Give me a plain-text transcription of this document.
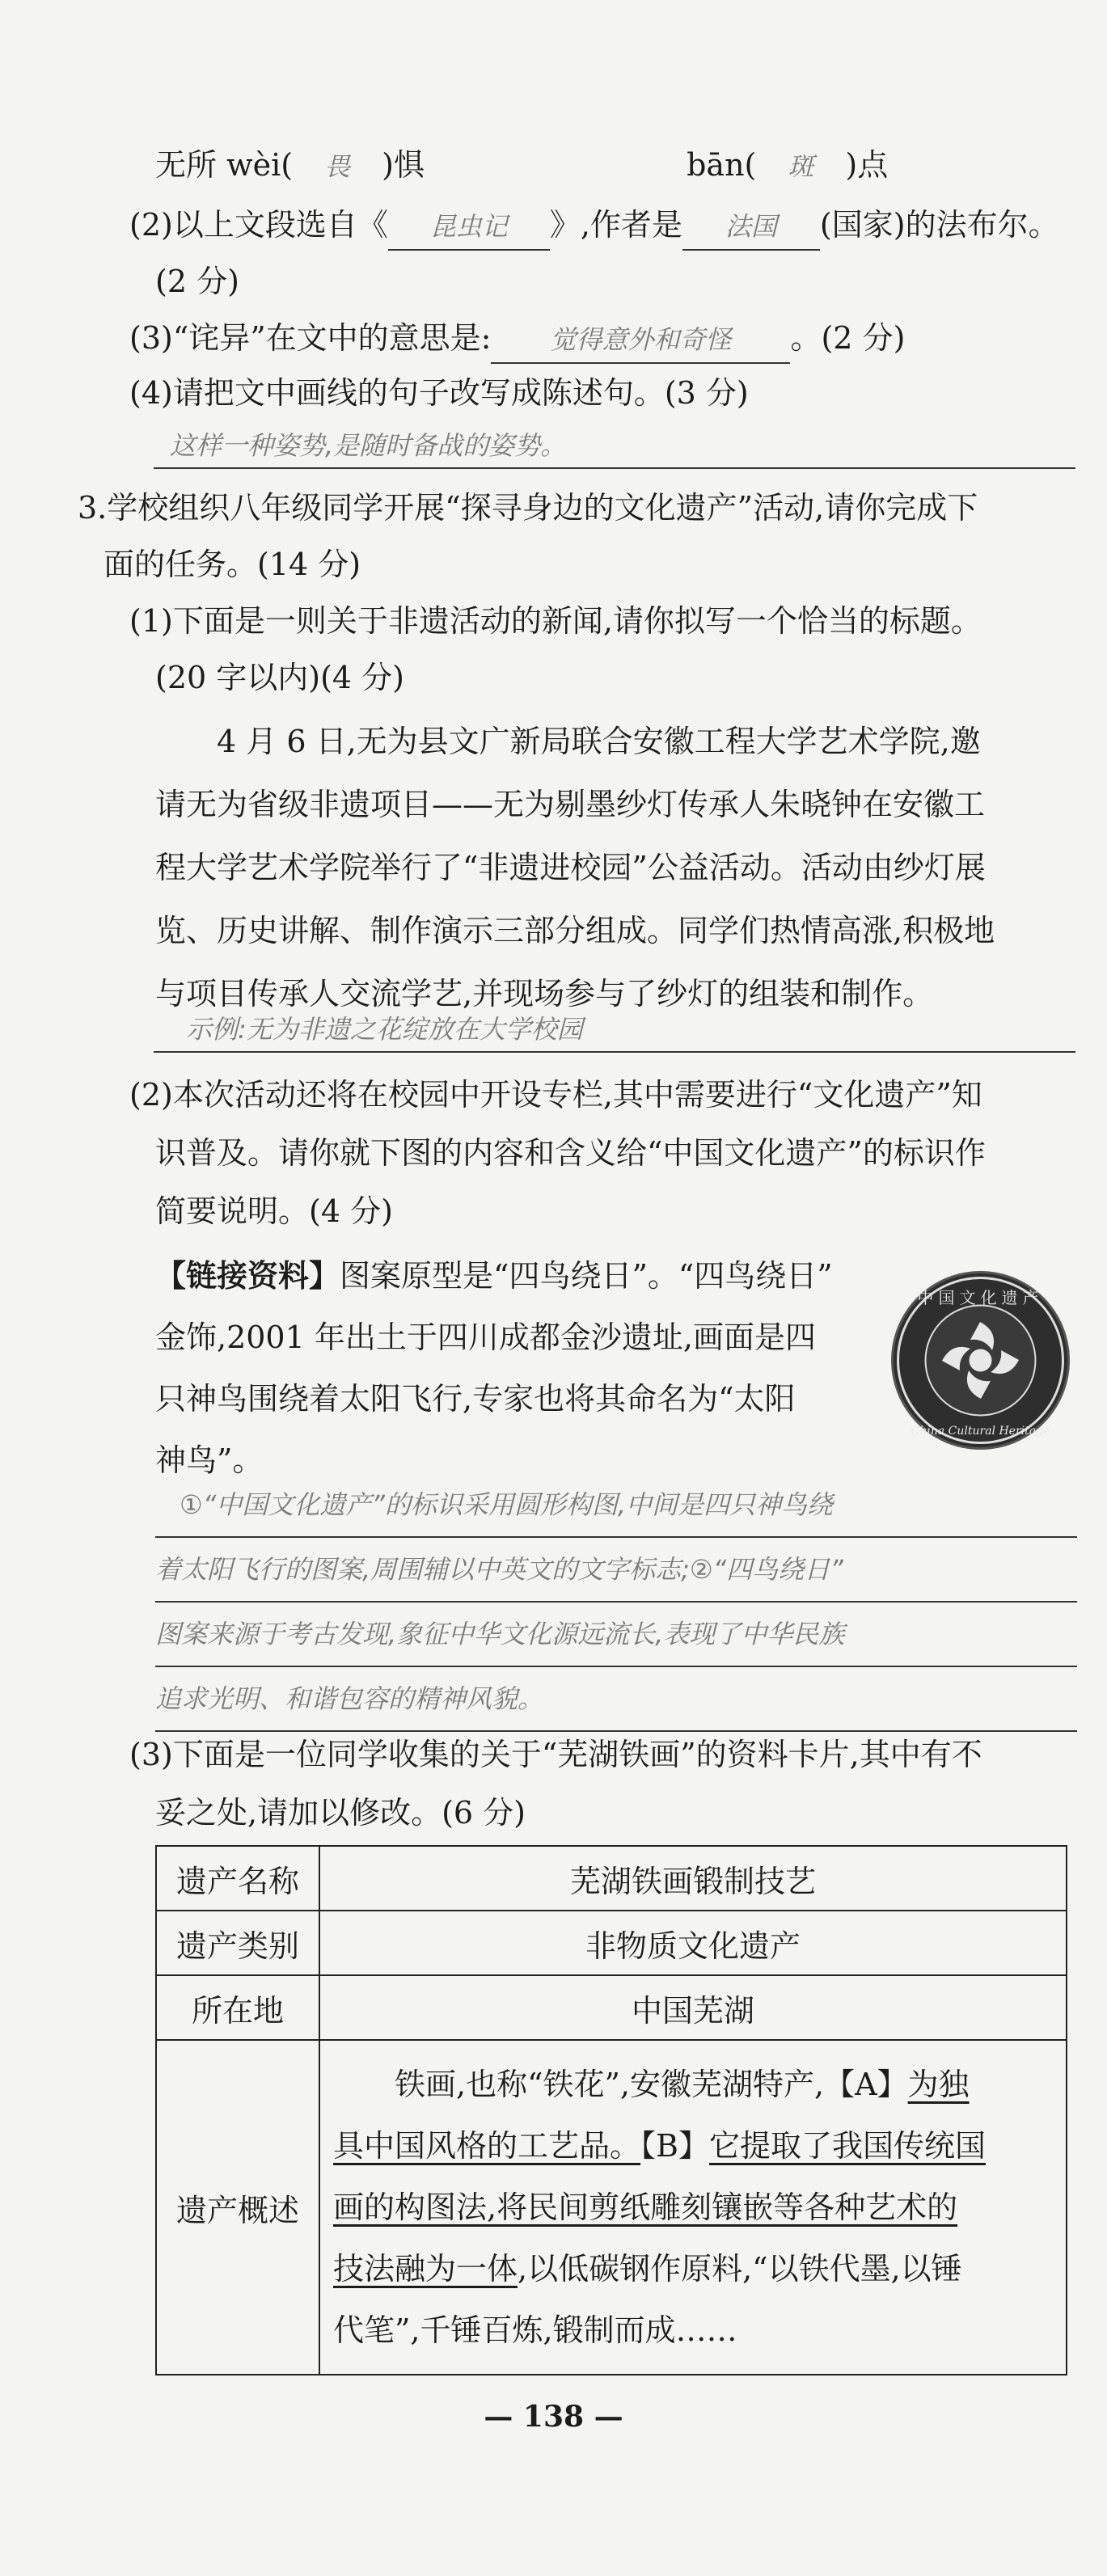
无所 wèi( 畏 )惧	bān( 斑 )点
(2)以上文段选自《 昆虫记 》,作者是 法国 (国家)的法布尔。
(2 分)
(3)“诧异”在文中的意思是: 觉得意外和奇怪 。(2 分)
(4)请把文中画线的句子改写成陈述句。(3 分)
这样一种姿势,是随时备战的姿势。
3.学校组织八年级同学开展“探寻身边的文化遗产”活动,请你完成下
面的任务。(14 分)
(1)下面是一则关于非遗活动的新闻,请你拟写一个恰当的标题。
(20 字以内)(4 分)
4 月 6 日,无为县文广新局联合安徽工程大学艺术学院,邀
请无为省级非遗项目——无为剔墨纱灯传承人朱晓钟在安徽工
程大学艺术学院举行了“非遗进校园”公益活动。活动由纱灯展
览、历史讲解、制作演示三部分组成。同学们热情高涨,积极地
与项目传承人交流学艺,并现场参与了纱灯的组装和制作。
示例:无为非遗之花绽放在大学校园
(2)本次活动还将在校园中开设专栏,其中需要进行“文化遗产”知
识普及。请你就下图的内容和含义给“中国文化遗产”的标识作
简要说明。(4 分)
【链接资料】图案原型是“四鸟绕日”。“四鸟绕日”
金饰,2001 年出土于四川成都金沙遗址,画面是四
只神鸟围绕着太阳飞行,专家也将其命名为“太阳
神鸟”。
中国文化遗产
China Cultural Heritage
①“中国文化遗产”的标识采用圆形构图,中间是四只神鸟绕
着太阳飞行的图案,周围辅以中英文的文字标志;②“四鸟绕日”
图案来源于考古发现,象征中华文化源远流长,表现了中华民族
追求光明、和谐包容的精神风貌。
(3)下面是一位同学收集的关于“芜湖铁画”的资料卡片,其中有不
妥之处,请加以修改。(6 分)
遗产名称	芜湖铁画锻制技艺
遗产类别	非物质文化遗产
所在地	中国芜湖
遗产概述	铁画,也称“铁花”,安徽芜湖特产,【A】为独
具中国风格的工艺品。【B】它提取了我国传统国
画的构图法,将民间剪纸雕刻镶嵌等各种艺术的
技法融为一体,以低碳钢作原料,“以铁代墨,以锤
代笔”,千锤百炼,锻制而成……
— 138 —
